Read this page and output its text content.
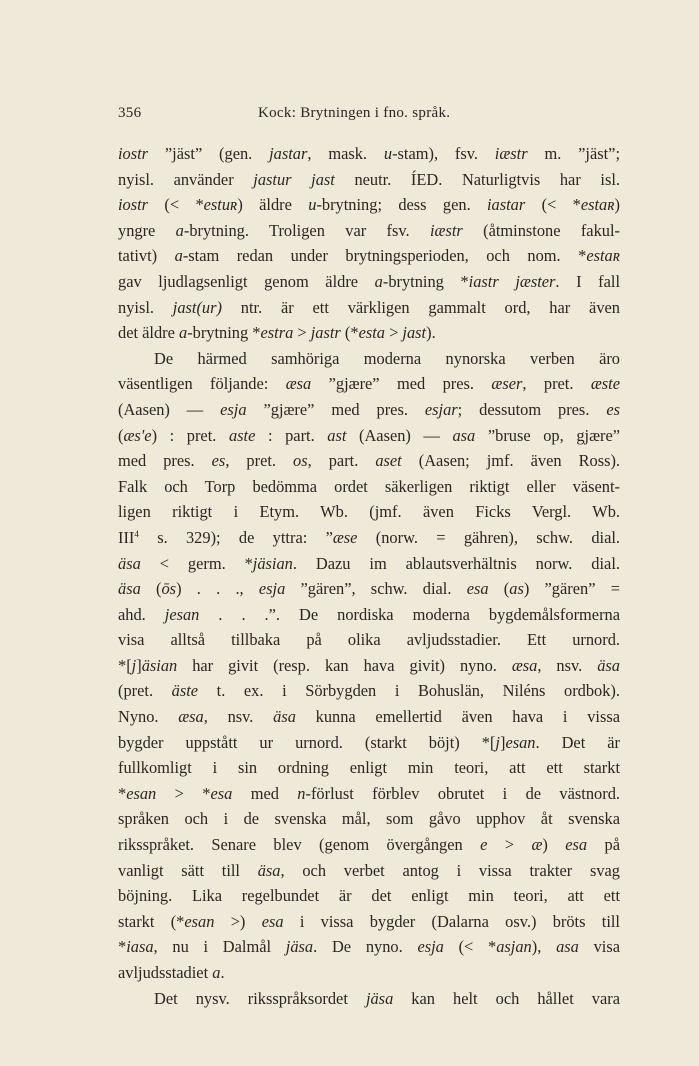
356	Kock: Brytningen i fno. språk.
iostr ”jäst” (gen. jastar, mask. u-stam), fsv. iæstr m. ”jäst”;
nyisl. använder jastur jast neutr. ÍED. Naturligtvis har isl.
iostr (< *estuʀ) äldre u-brytning; dess gen. iastar (< *estaʀ)
yngre a-brytning. Troligen var fsv. iæstr (åtminstone fakul-
tativt) a-stam redan under brytningsperioden, och nom. *estaʀ
gav ljudlagsenligt genom äldre a-brytning *iastr jæster. I fall
nyisl. jast(ur) ntr. är ett värkligen gammalt ord, har även
det äldre a-brytning *estra > jastr (*esta > jast).
De härmed samhöriga moderna nynorska verben äro
väsentligen följande: æsa ”gjære” med pres. æser, pret. æste
(Aasen) — esja ”gjære” med pres. esjar; dessutom pres. es
(æs'e) : pret. aste : part. ast (Aasen) — asa ”bruse op, gjære”
med pres. es, pret. os, part. aset (Aasen; jmf. även Ross).
Falk och Torp bedömma ordet säkerligen riktigt eller väsent-
ligen riktigt i Etym. Wb. (jmf. även Ficks Vergl. Wb.
III$^4$ s. 329); de yttra: ”æse (norw. = gähren), schw. dial.
äsa < germ. *jäsian. Dazu im ablautsverhältnis norw. dial.
äsa (ōs) . . ., esja ”gären”, schw. dial. esa (as) ”gären” =
ahd. jesan . . .”. De nordiska moderna bygdemålsformerna
visa alltså tillbaka på olika avljudsstadier. Ett urnord.
*[j]äsian har givit (resp. kan hava givit) nyno. æsa, nsv. äsa
(pret. äste t. ex. i Sörbygden i Bohuslän, Niléns ordbok).
Nyno. æsa, nsv. äsa kunna emellertid även hava i vissa
bygder uppstått ur urnord. (starkt böjt) *[j]esan. Det är
fullkomligt i sin ordning enligt min teori, att ett starkt
*esan > *esa med n-förlust förblev obrutet i de västnord.
språken och i de svenska mål, som gåvo upphov åt svenska
riksspråket. Senare blev (genom övergången e > æ) esa på
vanligt sätt till äsa, och verbet antog i vissa trakter svag
böjning. Lika regelbundet är det enligt min teori, att ett
starkt (*esan >) esa i vissa bygder (Dalarna osv.) bröts till
*iasa, nu i Dalmål jäsa. De nyno. esja (< *asjan), asa visa
avljudsstadiet a.
Det nysv. riksspråksordet jäsa kan helt och hållet vara
